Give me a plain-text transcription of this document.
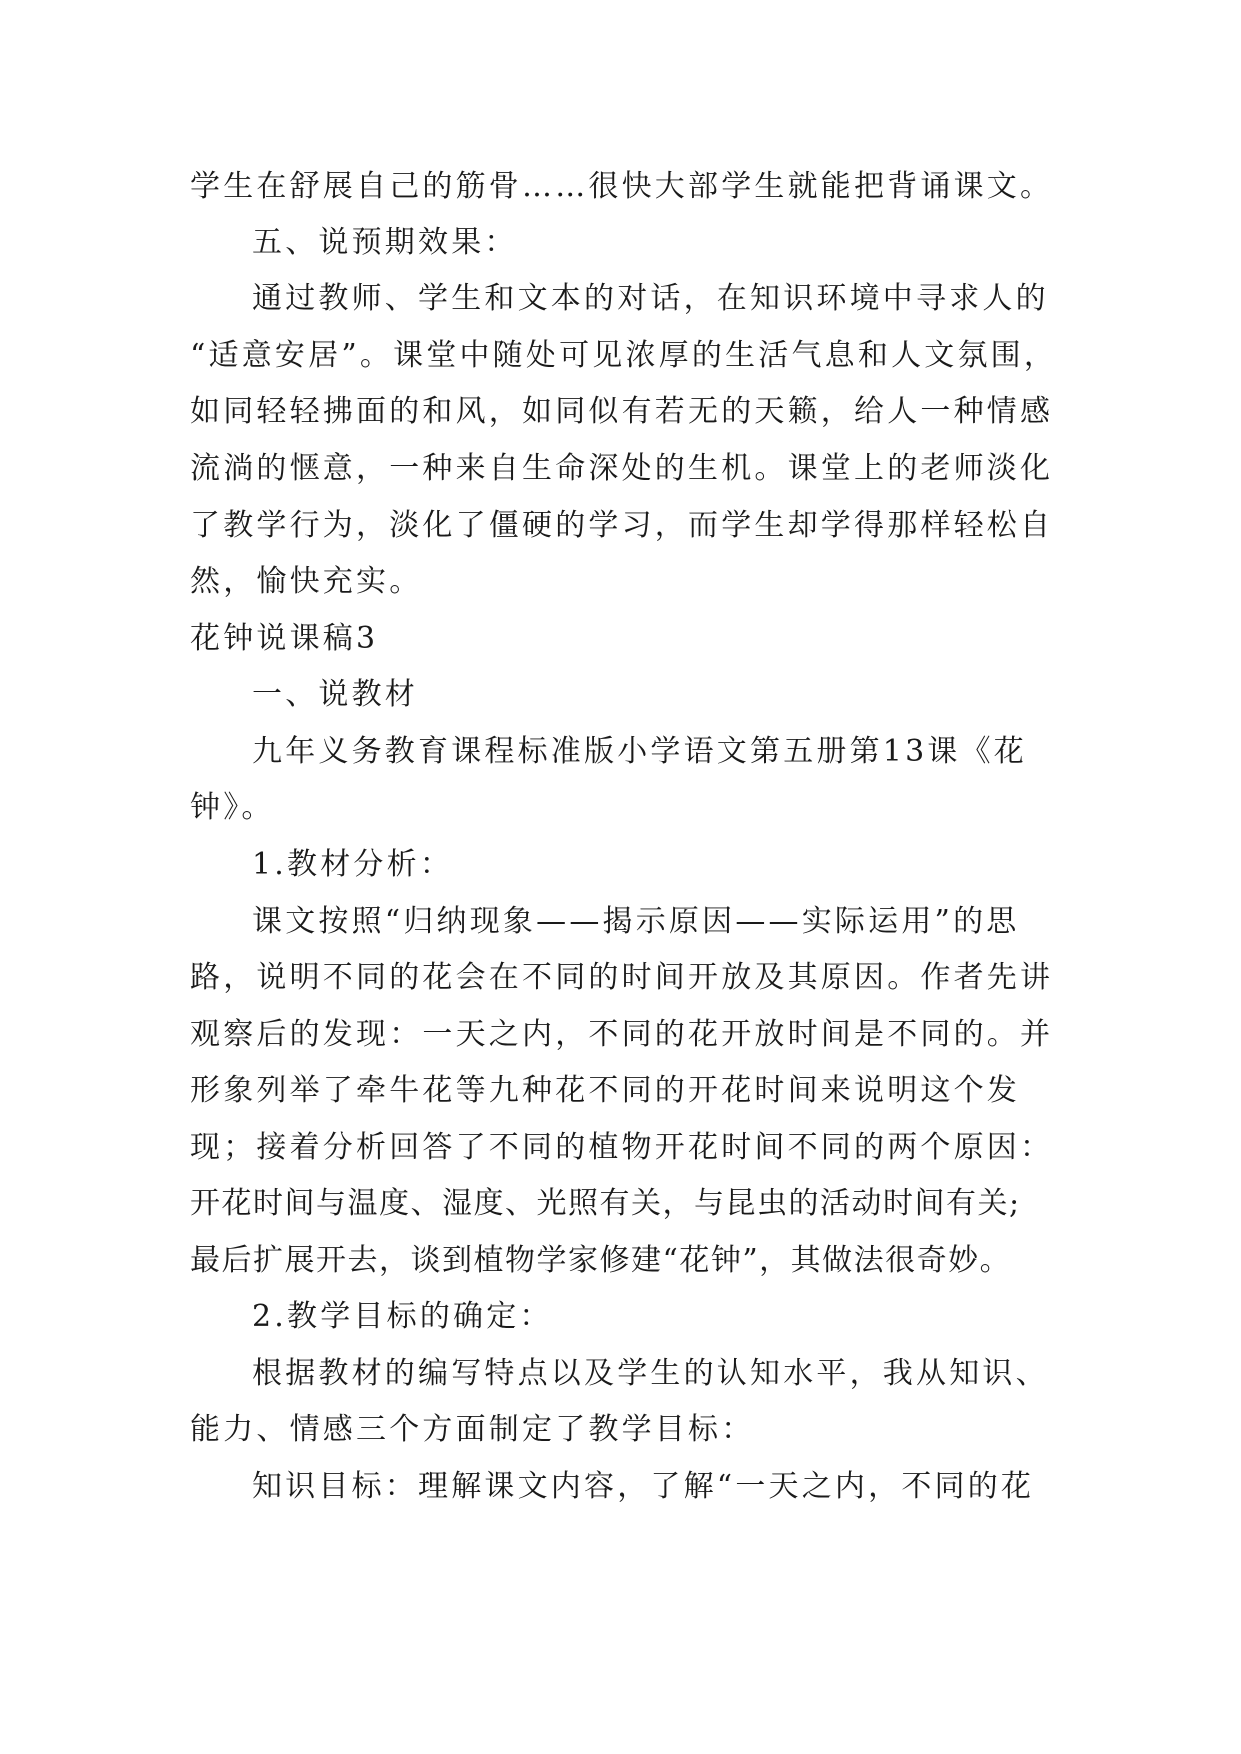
学生在舒展自己的筋骨……很快大部学生就能把背诵课文。
五、说预期效果：
通过教师、学生和文本的对话，在知识环境中寻求人的
“适意安居”。课堂中随处可见浓厚的生活气息和人文氛围，
如同轻轻拂面的和风，如同似有若无的天籁，给人一种情感
流淌的惬意，一种来自生命深处的生机。课堂上的老师淡化
了教学行为，淡化了僵硬的学习，而学生却学得那样轻松自
然，愉快充实。
花钟说课稿3
一、说教材
九年义务教育课程标准版小学语文第五册第13课《花
钟》。
1.教材分析：
课文按照“归纳现象——揭示原因——实际运用”的思
路，说明不同的花会在不同的时间开放及其原因。作者先讲
观察后的发现：一天之内，不同的花开放时间是不同的。并
形象列举了牵牛花等九种花不同的开花时间来说明这个发
现；接着分析回答了不同的植物开花时间不同的两个原因：
开花时间与温度、湿度、光照有关，与昆虫的活动时间有关;
最后扩展开去，谈到植物学家修建“花钟”，其做法很奇妙。
2.教学目标的确定：
根据教材的编写特点以及学生的认知水平，我从知识、
能力、情感三个方面制定了教学目标：
知识目标：理解课文内容，了解“一天之内，不同的花
